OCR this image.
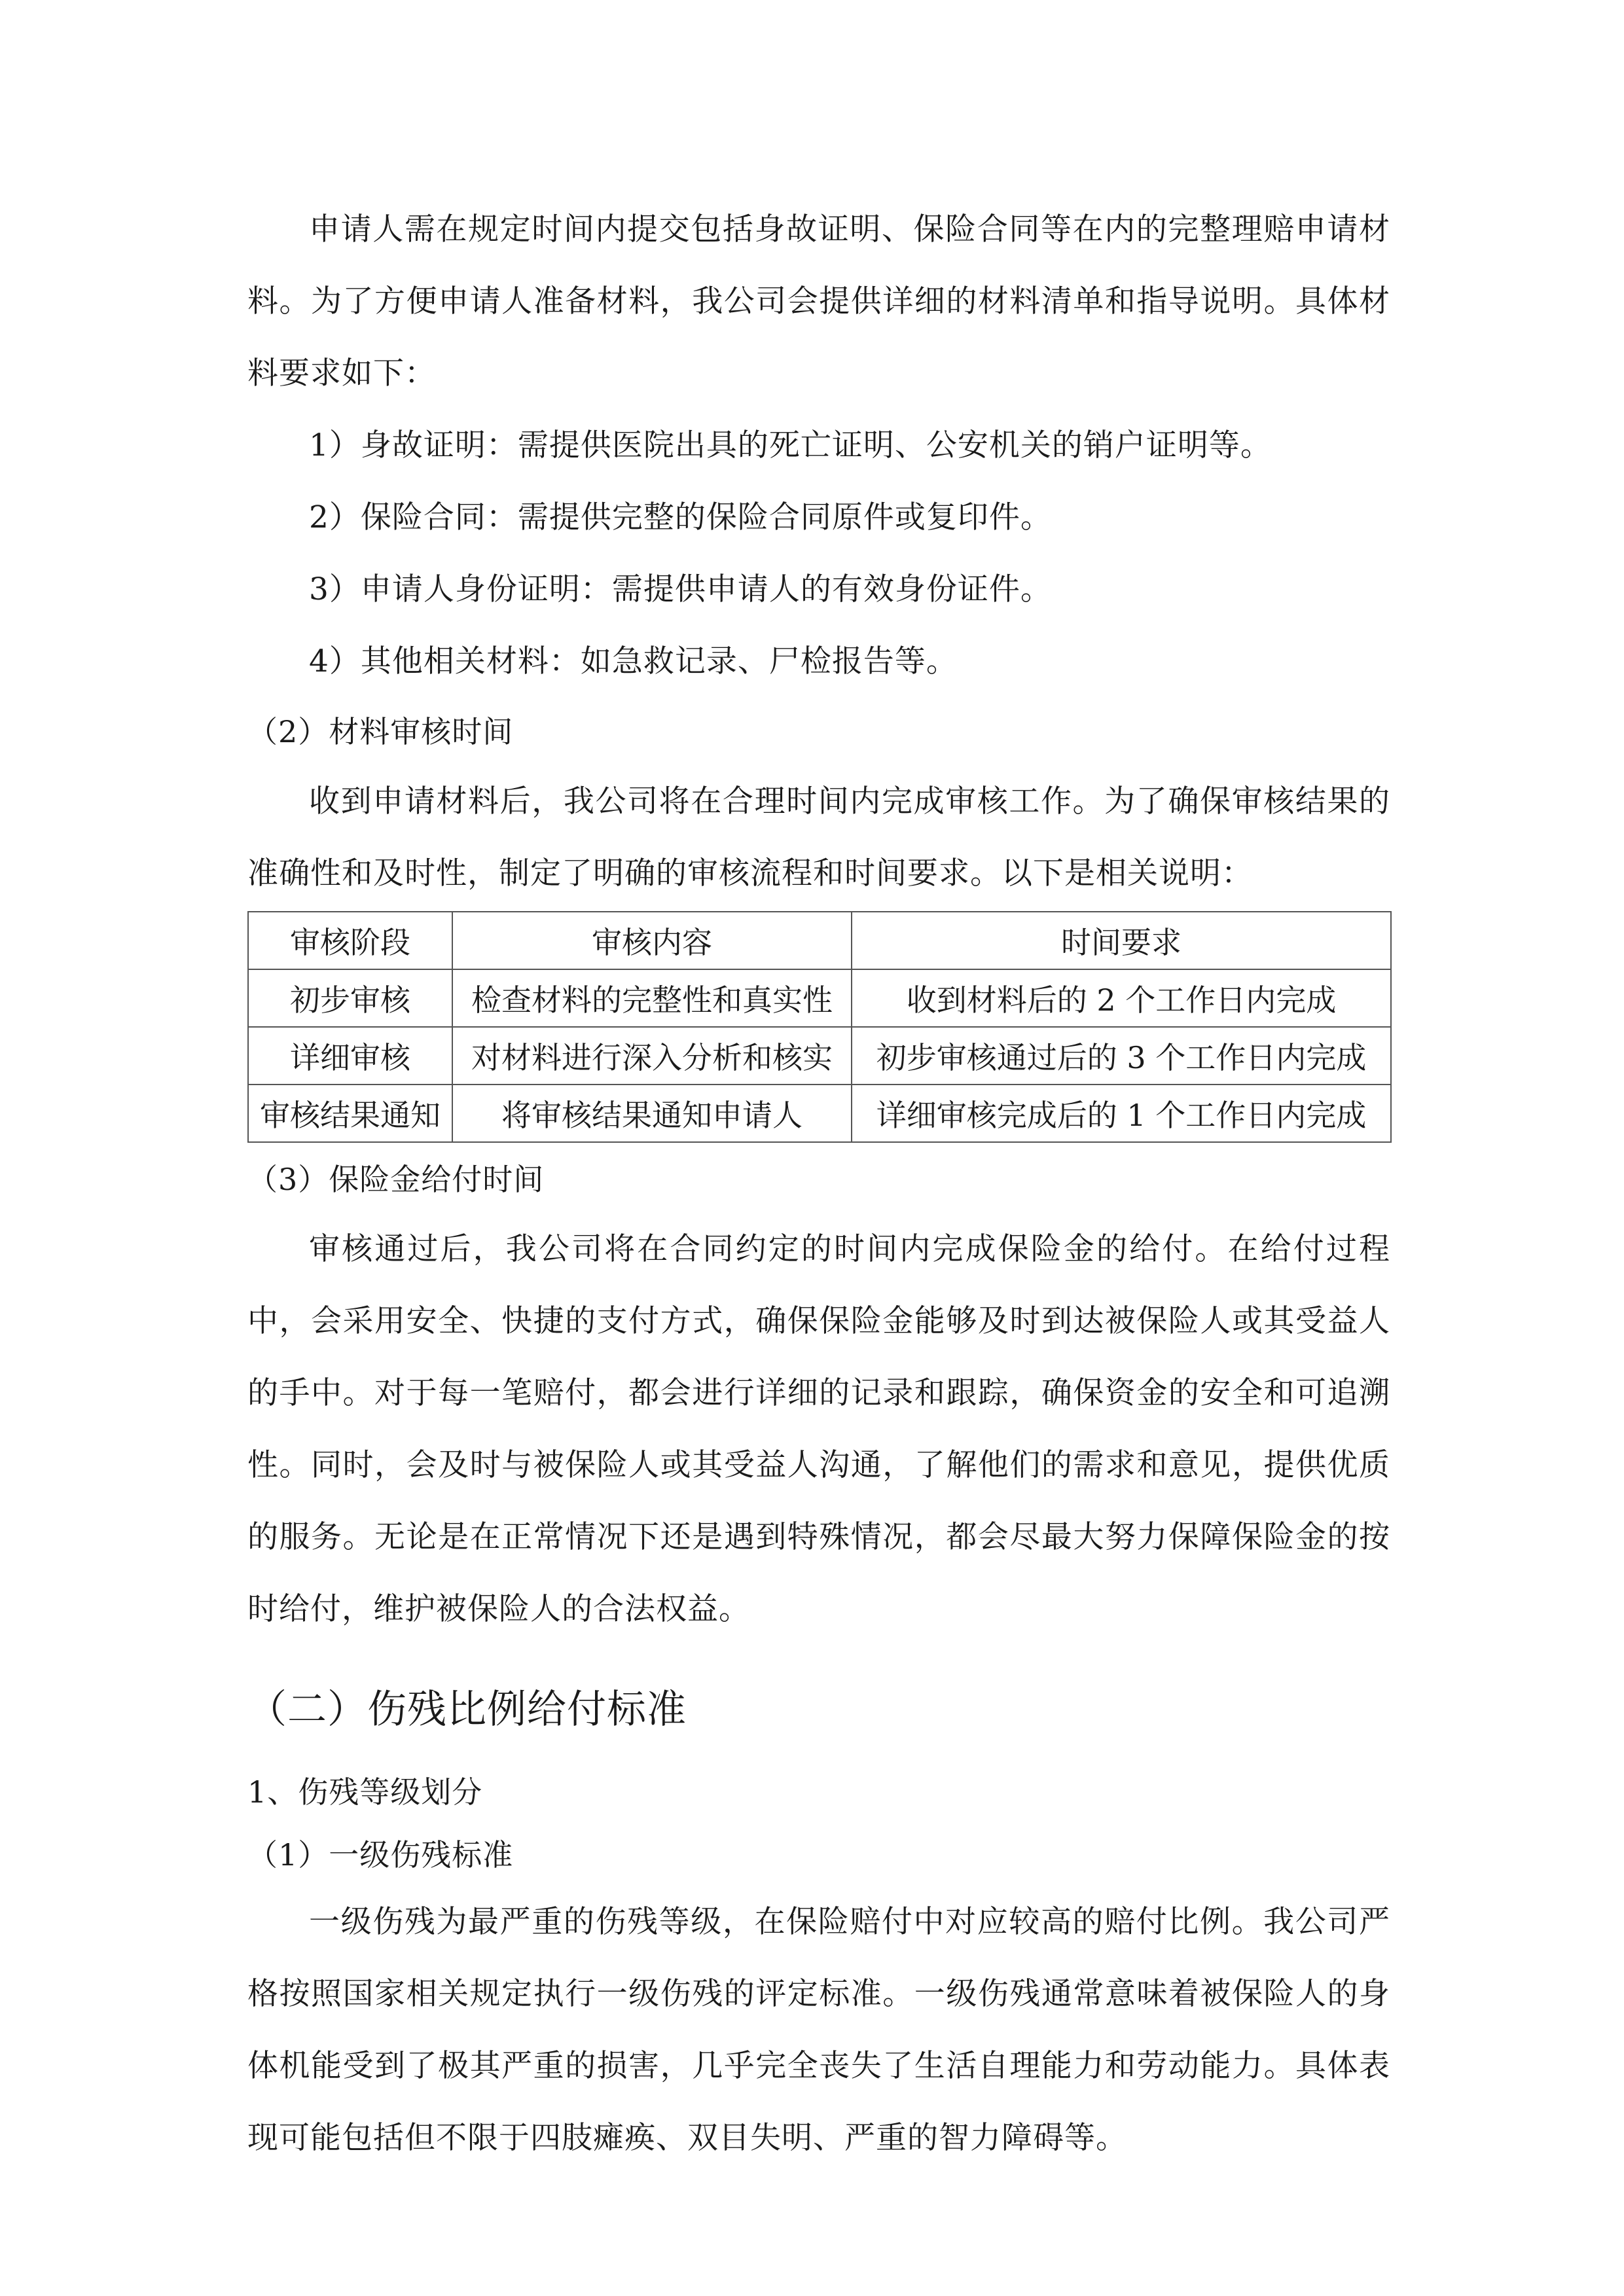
申请人需在规定时间内提交包括身故证明、保险合同等在内的完整理赔申请材料。为了方便申请人准备材料，我公司会提供详细的材料清单和指导说明。具体材料要求如下：

1）身故证明：需提供医院出具的死亡证明、公安机关的销户证明等。

2）保险合同：需提供完整的保险合同原件或复印件。

3）申请人身份证明：需提供申请人的有效身份证件。

4）其他相关材料：如急救记录、尸检报告等。

（2）材料审核时间

收到申请材料后，我公司将在合理时间内完成审核工作。为了确保审核结果的准确性和及时性，制定了明确的审核流程和时间要求。以下是相关说明：

审核阶段	审核内容	时间要求
初步审核	检查材料的完整性和真实性	收到材料后的 2 个工作日内完成
详细审核	对材料进行深入分析和核实	初步审核通过后的 3 个工作日内完成
审核结果通知	将审核结果通知申请人	详细审核完成后的 1 个工作日内完成

（3）保险金给付时间

审核通过后，我公司将在合同约定的时间内完成保险金的给付。在给付过程中，会采用安全、快捷的支付方式，确保保险金能够及时到达被保险人或其受益人的手中。对于每一笔赔付，都会进行详细的记录和跟踪，确保资金的安全和可追溯性。同时，会及时与被保险人或其受益人沟通，了解他们的需求和意见，提供优质的服务。无论是在正常情况下还是遇到特殊情况，都会尽最大努力保障保险金的按时给付，维护被保险人的合法权益。

（二）伤残比例给付标准

1、伤残等级划分

（1）一级伤残标准

一级伤残为最严重的伤残等级，在保险赔付中对应较高的赔付比例。我公司严格按照国家相关规定执行一级伤残的评定标准。一级伤残通常意味着被保险人的身体机能受到了极其严重的损害，几乎完全丧失了生活自理能力和劳动能力。具体表现可能包括但不限于四肢瘫痪、双目失明、严重的智力障碍等。
